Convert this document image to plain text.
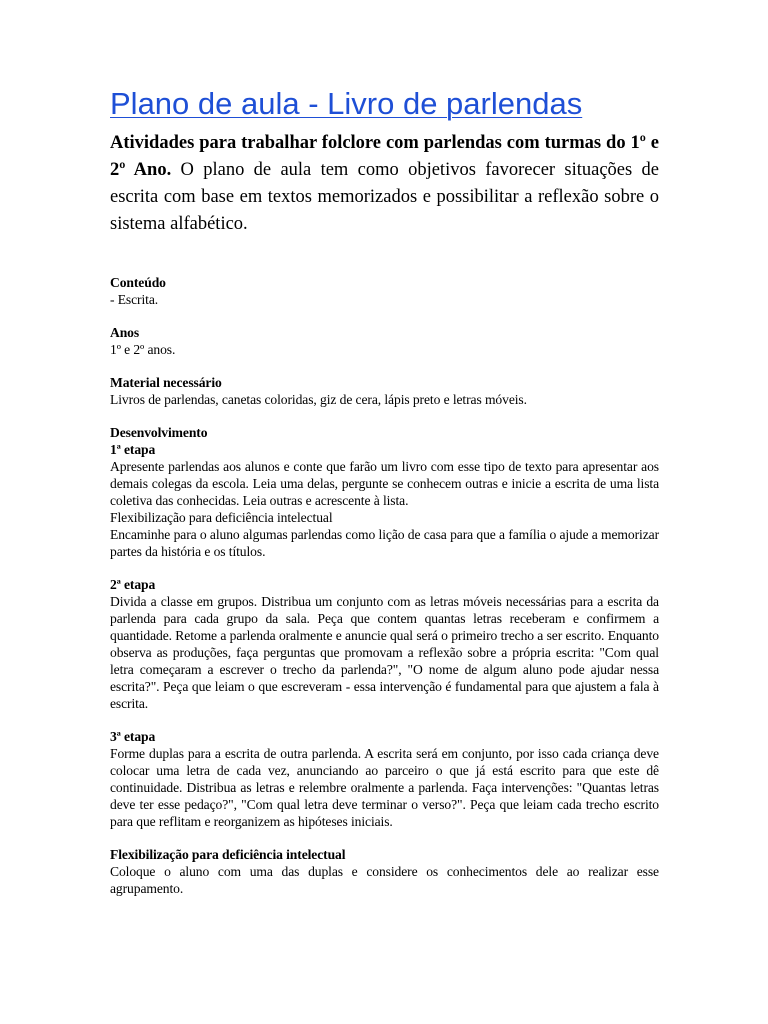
Plano de aula - Livro de parlendas

Atividades para trabalhar folclore com parlendas com turmas do 1º e 2º Ano. O plano de aula tem como objetivos favorecer situações de escrita com base em textos memorizados e possibilitar a reflexão sobre o sistema alfabético.

Conteúdo
- Escrita.
Anos
1º e 2º anos.
Material necessário
Livros de parlendas, canetas coloridas, giz de cera, lápis preto e letras móveis.
Desenvolvimento
1ª etapa
Apresente parlendas aos alunos e conte que farão um livro com esse tipo de texto para apresentar aos demais colegas da escola. Leia uma delas, pergunte se conhecem outras e inicie a escrita de uma lista coletiva das conhecidas. Leia outras e acrescente à lista.
Flexibilização para deficiência intelectual
Encaminhe para o aluno algumas parlendas como lição de casa para que a família o ajude a memorizar partes da história e os títulos.
2ª etapa
Divida a classe em grupos. Distribua um conjunto com as letras móveis necessárias para a escrita da parlenda para cada grupo da sala. Peça que contem quantas letras receberam e confirmem a quantidade. Retome a parlenda oralmente e anuncie qual será o primeiro trecho a ser escrito. Enquanto observa as produções, faça perguntas que promovam a reflexão sobre a própria escrita: "Com qual letra começaram a escrever o trecho da parlenda?", "O nome de algum aluno pode ajudar nessa escrita?". Peça que leiam o que escreveram - essa intervenção é fundamental para que ajustem a fala à escrita.
3ª etapa
Forme duplas para a escrita de outra parlenda. A escrita será em conjunto, por isso cada criança deve colocar uma letra de cada vez, anunciando ao parceiro o que já está escrito para que este dê continuidade. Distribua as letras e relembre oralmente a parlenda. Faça intervenções: "Quantas letras deve ter esse pedaço?", "Com qual letra deve terminar o verso?". Peça que leiam cada trecho escrito para que reflitam e reorganizem as hipóteses iniciais.
Flexibilização para deficiência intelectual
Coloque o aluno com uma das duplas e considere os conhecimentos dele ao realizar esse agrupamento.
